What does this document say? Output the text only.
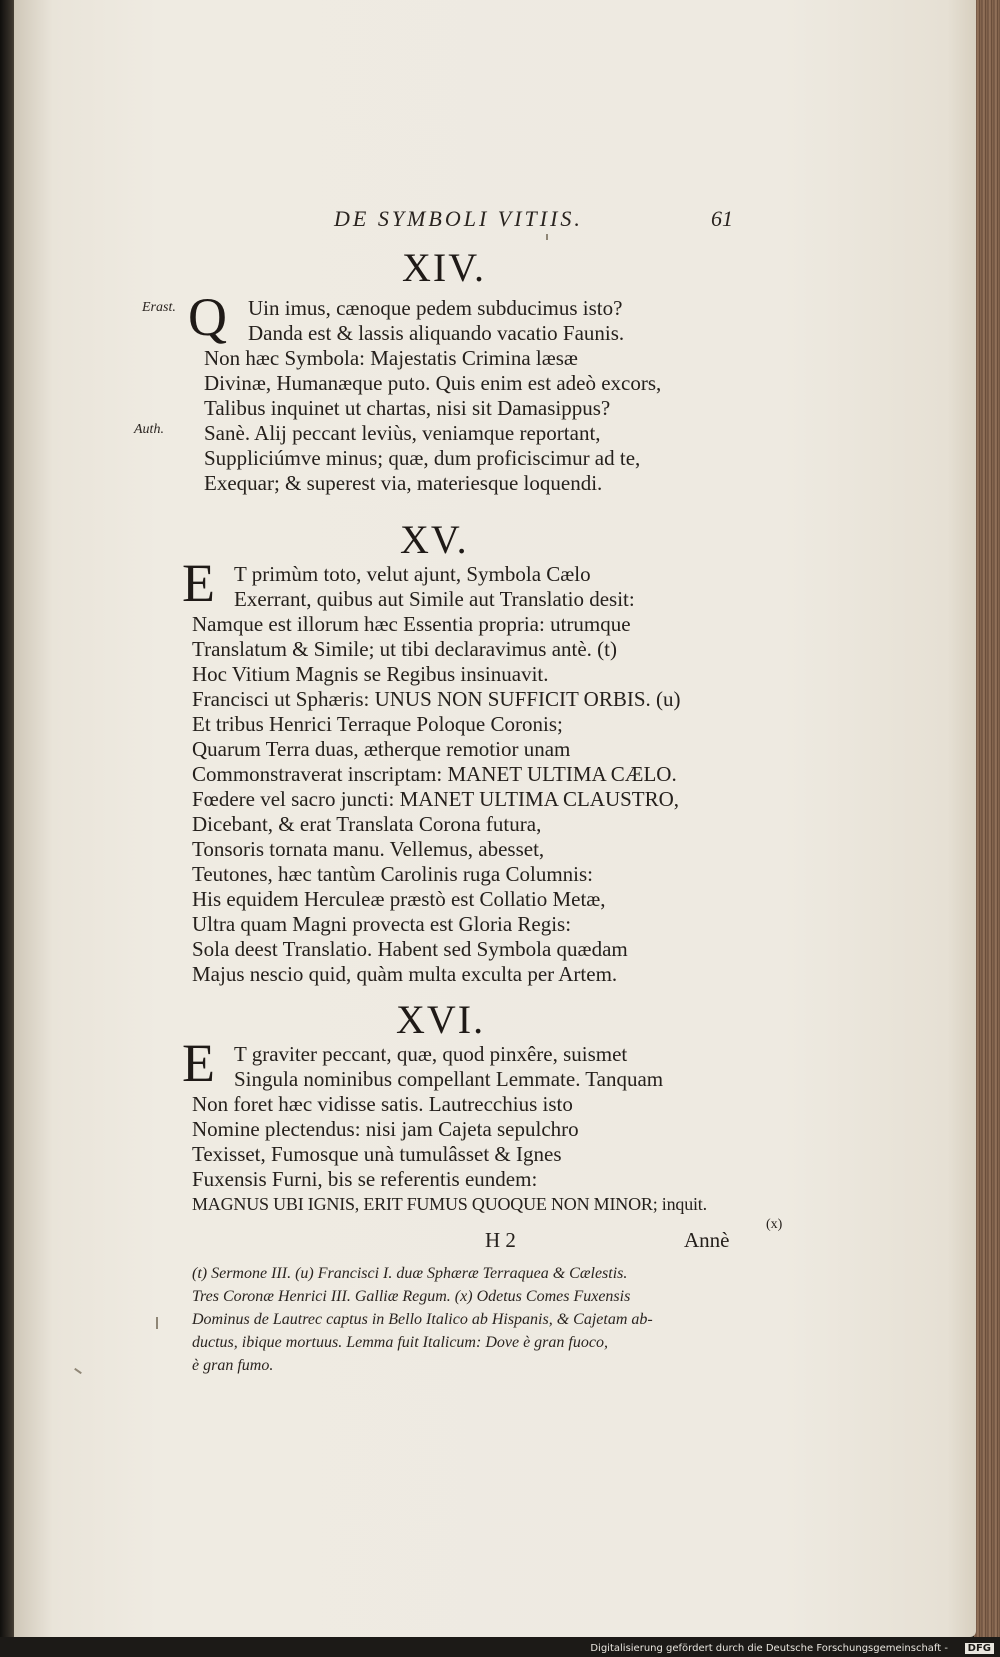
DE SYMBOLI VITIIS.	61
XIV.
Erast.
Auth.
Q	Uin imus, cænoque pedem subducimus isto?
Danda est & lassis aliquando vacatio Faunis.
Non hæc Symbola: Majestatis Crimina læsæ
Divinæ, Humanæque puto. Quis enim est adeò excors,
Talibus inquinet ut chartas, nisi sit Damasippus?
Sanè. Alij peccant leviùs, veniamque reportant,
Suppliciúmve minus; quæ, dum proficiscimur ad te,
Exequar; & superest via, materiesque loquendi.
XV.
E T primùm toto, velut ajunt, Symbola Cælo
Exerrant, quibus aut Simile aut Translatio desit:
Namque est illorum hæc Essentia propria: utrumque
Translatum & Simile; ut tibi declaravimus antè. (t)
Hoc Vitium Magnis se Regibus insinuavit.
Francisci ut Sphæris: UNUS NON SUFFICIT ORBIS. (u)
Et tribus Henrici Terraque Poloque Coronis;
Quarum Terra duas, ætherque remotior unam
Commonstraverat inscriptam: MANET ULTIMA CÆLO.
Fœdere vel sacro juncti: MANET ULTIMA CLAUSTRO,
Dicebant, & erat Translata Corona futura,
Tonsoris tornata manu. Vellemus, abesset,
Teutones, hæc tantùm Carolinis ruga Columnis:
His equidem Herculeæ præstò est Collatio Metæ,
Ultra quam Magni provecta est Gloria Regis:
Sola deest Translatio. Habent sed Symbola quædam
Majus nescio quid, quàm multa exculta per Artem.
XVI.
E T graviter peccant, quæ, quod pinxêre, suismet
Singula nominibus compellant Lemmate. Tanquam
Non foret hæc vidisse satis. Lautrecchius isto
Nomine plectendus: nisi jam Cajeta sepulchro
Texisset, Fumosque unà tumulâsset & Ignes
Fuxensis Furni, bis se referentis eundem:
MAGNUS UBI IGNIS, ERIT FUMUS QUOQUE NON MINOR; inquit.
H 2	Annè
(x)
(t) Sermone III. (u) Francisci I. duæ Sphæræ Terraquea & Cælestis.
Tres Coronæ Henrici III. Galliæ Regum. (x) Odetus Comes Fuxensis
Dominus de Lautrec captus in Bello Italico ab Hispanis, & Cajetam ab-
ductus, ibique mortuus. Lemma fuit Italicum: Dove è gran fuoco,
è gran fumo.
Digitalisierung gefördert durch die Deutsche Forschungsgemeinschaft -	DFG
